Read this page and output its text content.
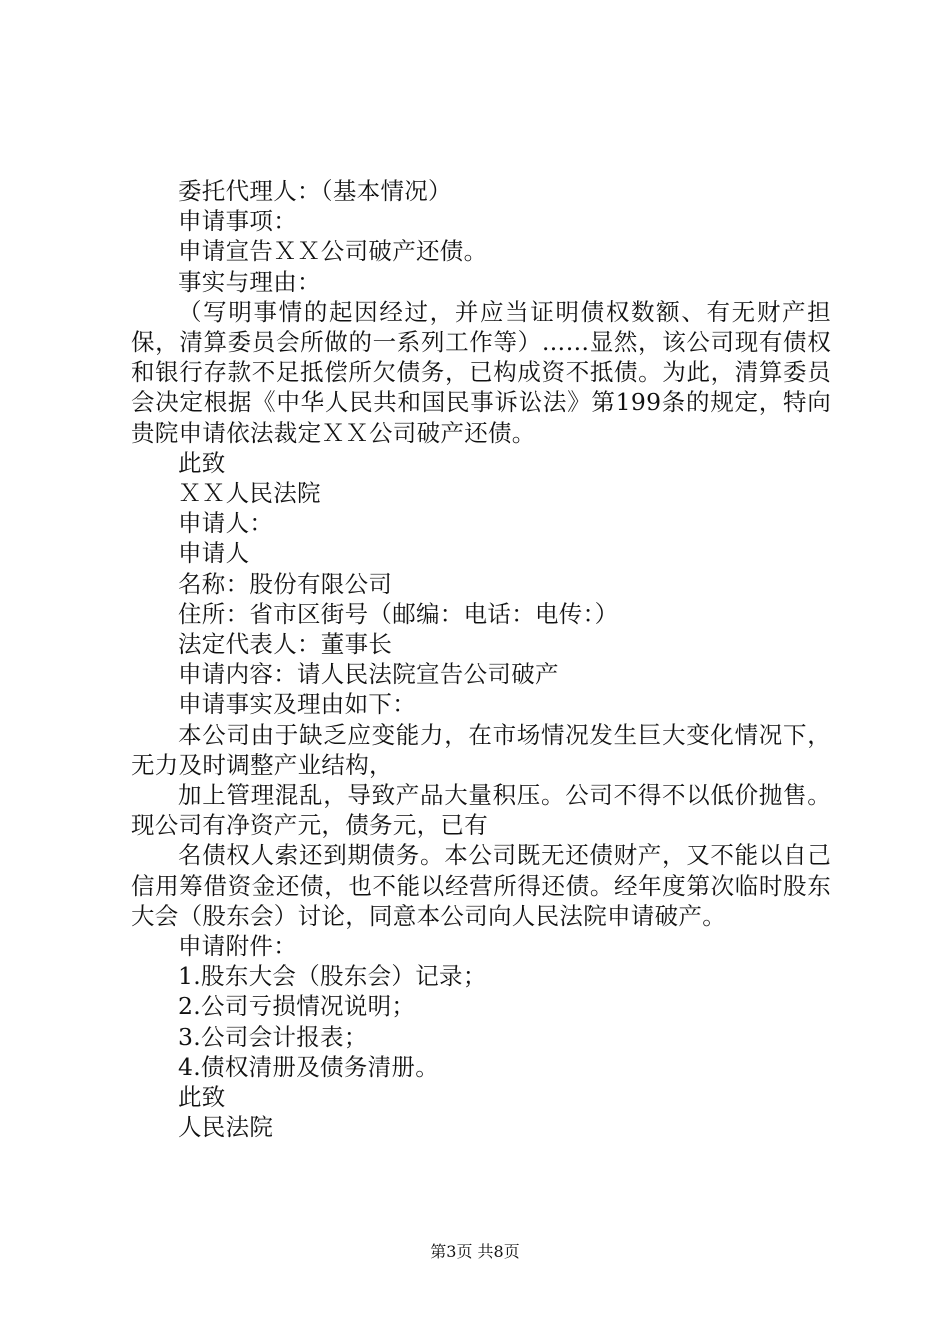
委托代理人：（基本情况）

申请事项：

申请宣告ＸＸ公司破产还债。

事实与理由：

（写明事情的起因经过，并应当证明债权数额、有无财产担保，清算委员会所做的一系列工作等）……显然，该公司现有债权和银行存款不足抵偿所欠债务，已构成资不抵债。为此，清算委员会决定根据《中华人民共和国民事诉讼法》第199条的规定，特向贵院申请依法裁定ＸＸ公司破产还债。

此致

ＸＸ人民法院

申请人：

申请人

名称：股份有限公司

住所：省市区街号（邮编：电话：电传：）

法定代表人：董事长

申请内容：请人民法院宣告公司破产

申请事实及理由如下：

本公司由于缺乏应变能力，在市场情况发生巨大变化情况下，无力及时调整产业结构，

加上管理混乱，导致产品大量积压。公司不得不以低价抛售。现公司有净资产元，债务元，已有

名债权人索还到期债务。本公司既无还债财产，又不能以自己信用筹借资金还债，也不能以经营所得还债。经年度第次临时股东大会（股东会）讨论，同意本公司向人民法院申请破产。

申请附件：

1.股东大会（股东会）记录；

2.公司亏损情况说明；

3.公司会计报表；

4.债权清册及债务清册。

此致

人民法院

第3页 共8页
